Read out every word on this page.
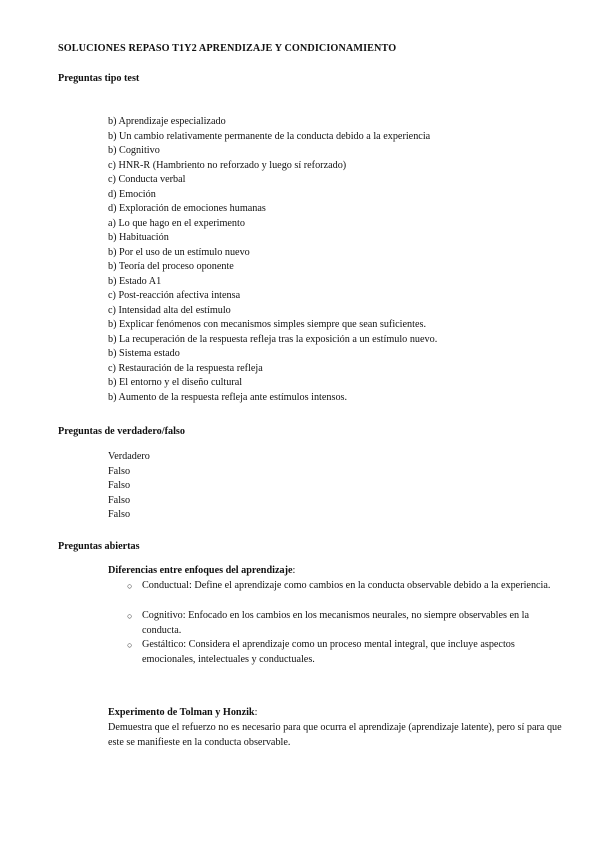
SOLUCIONES REPASO T1Y2 APRENDIZAJE Y CONDICIONAMIENTO
Preguntas tipo test
b) Aprendizaje especializado
b) Un cambio relativamente permanente de la conducta debido a la experiencia
b) Cognitivo
c) HNR-R (Hambriento no reforzado y luego sí reforzado)
c) Conducta verbal
d) Emoción
d) Exploración de emociones humanas
a) Lo que hago en el experimento
b) Habituación
b) Por el uso de un estímulo nuevo
b) Teoría del proceso oponente
b) Estado A1
c) Post-reacción afectiva intensa
c) Intensidad alta del estímulo
b) Explicar fenómenos con mecanismos simples siempre que sean suficientes.
b) La recuperación de la respuesta refleja tras la exposición a un estímulo nuevo.
b) Sistema estado
c) Restauración de la respuesta refleja
b) El entorno y el diseño cultural
b) Aumento de la respuesta refleja ante estímulos intensos.
Preguntas de verdadero/falso
Verdadero
Falso
Falso
Falso
Falso
Preguntas abiertas
Diferencias entre enfoques del aprendizaje:
○ Conductual: Define el aprendizaje como cambios en la conducta observable debido a la experiencia.
○ Cognitivo: Enfocado en los cambios en los mecanismos neurales, no siempre observables en la conducta.
○ Gestáltico: Considera el aprendizaje como un proceso mental integral, que incluye aspectos emocionales, intelectuales y conductuales.
Experimento de Tolman y Honzik:
Demuestra que el refuerzo no es necesario para que ocurra el aprendizaje (aprendizaje latente), pero sí para que este se manifieste en la conducta observable.
